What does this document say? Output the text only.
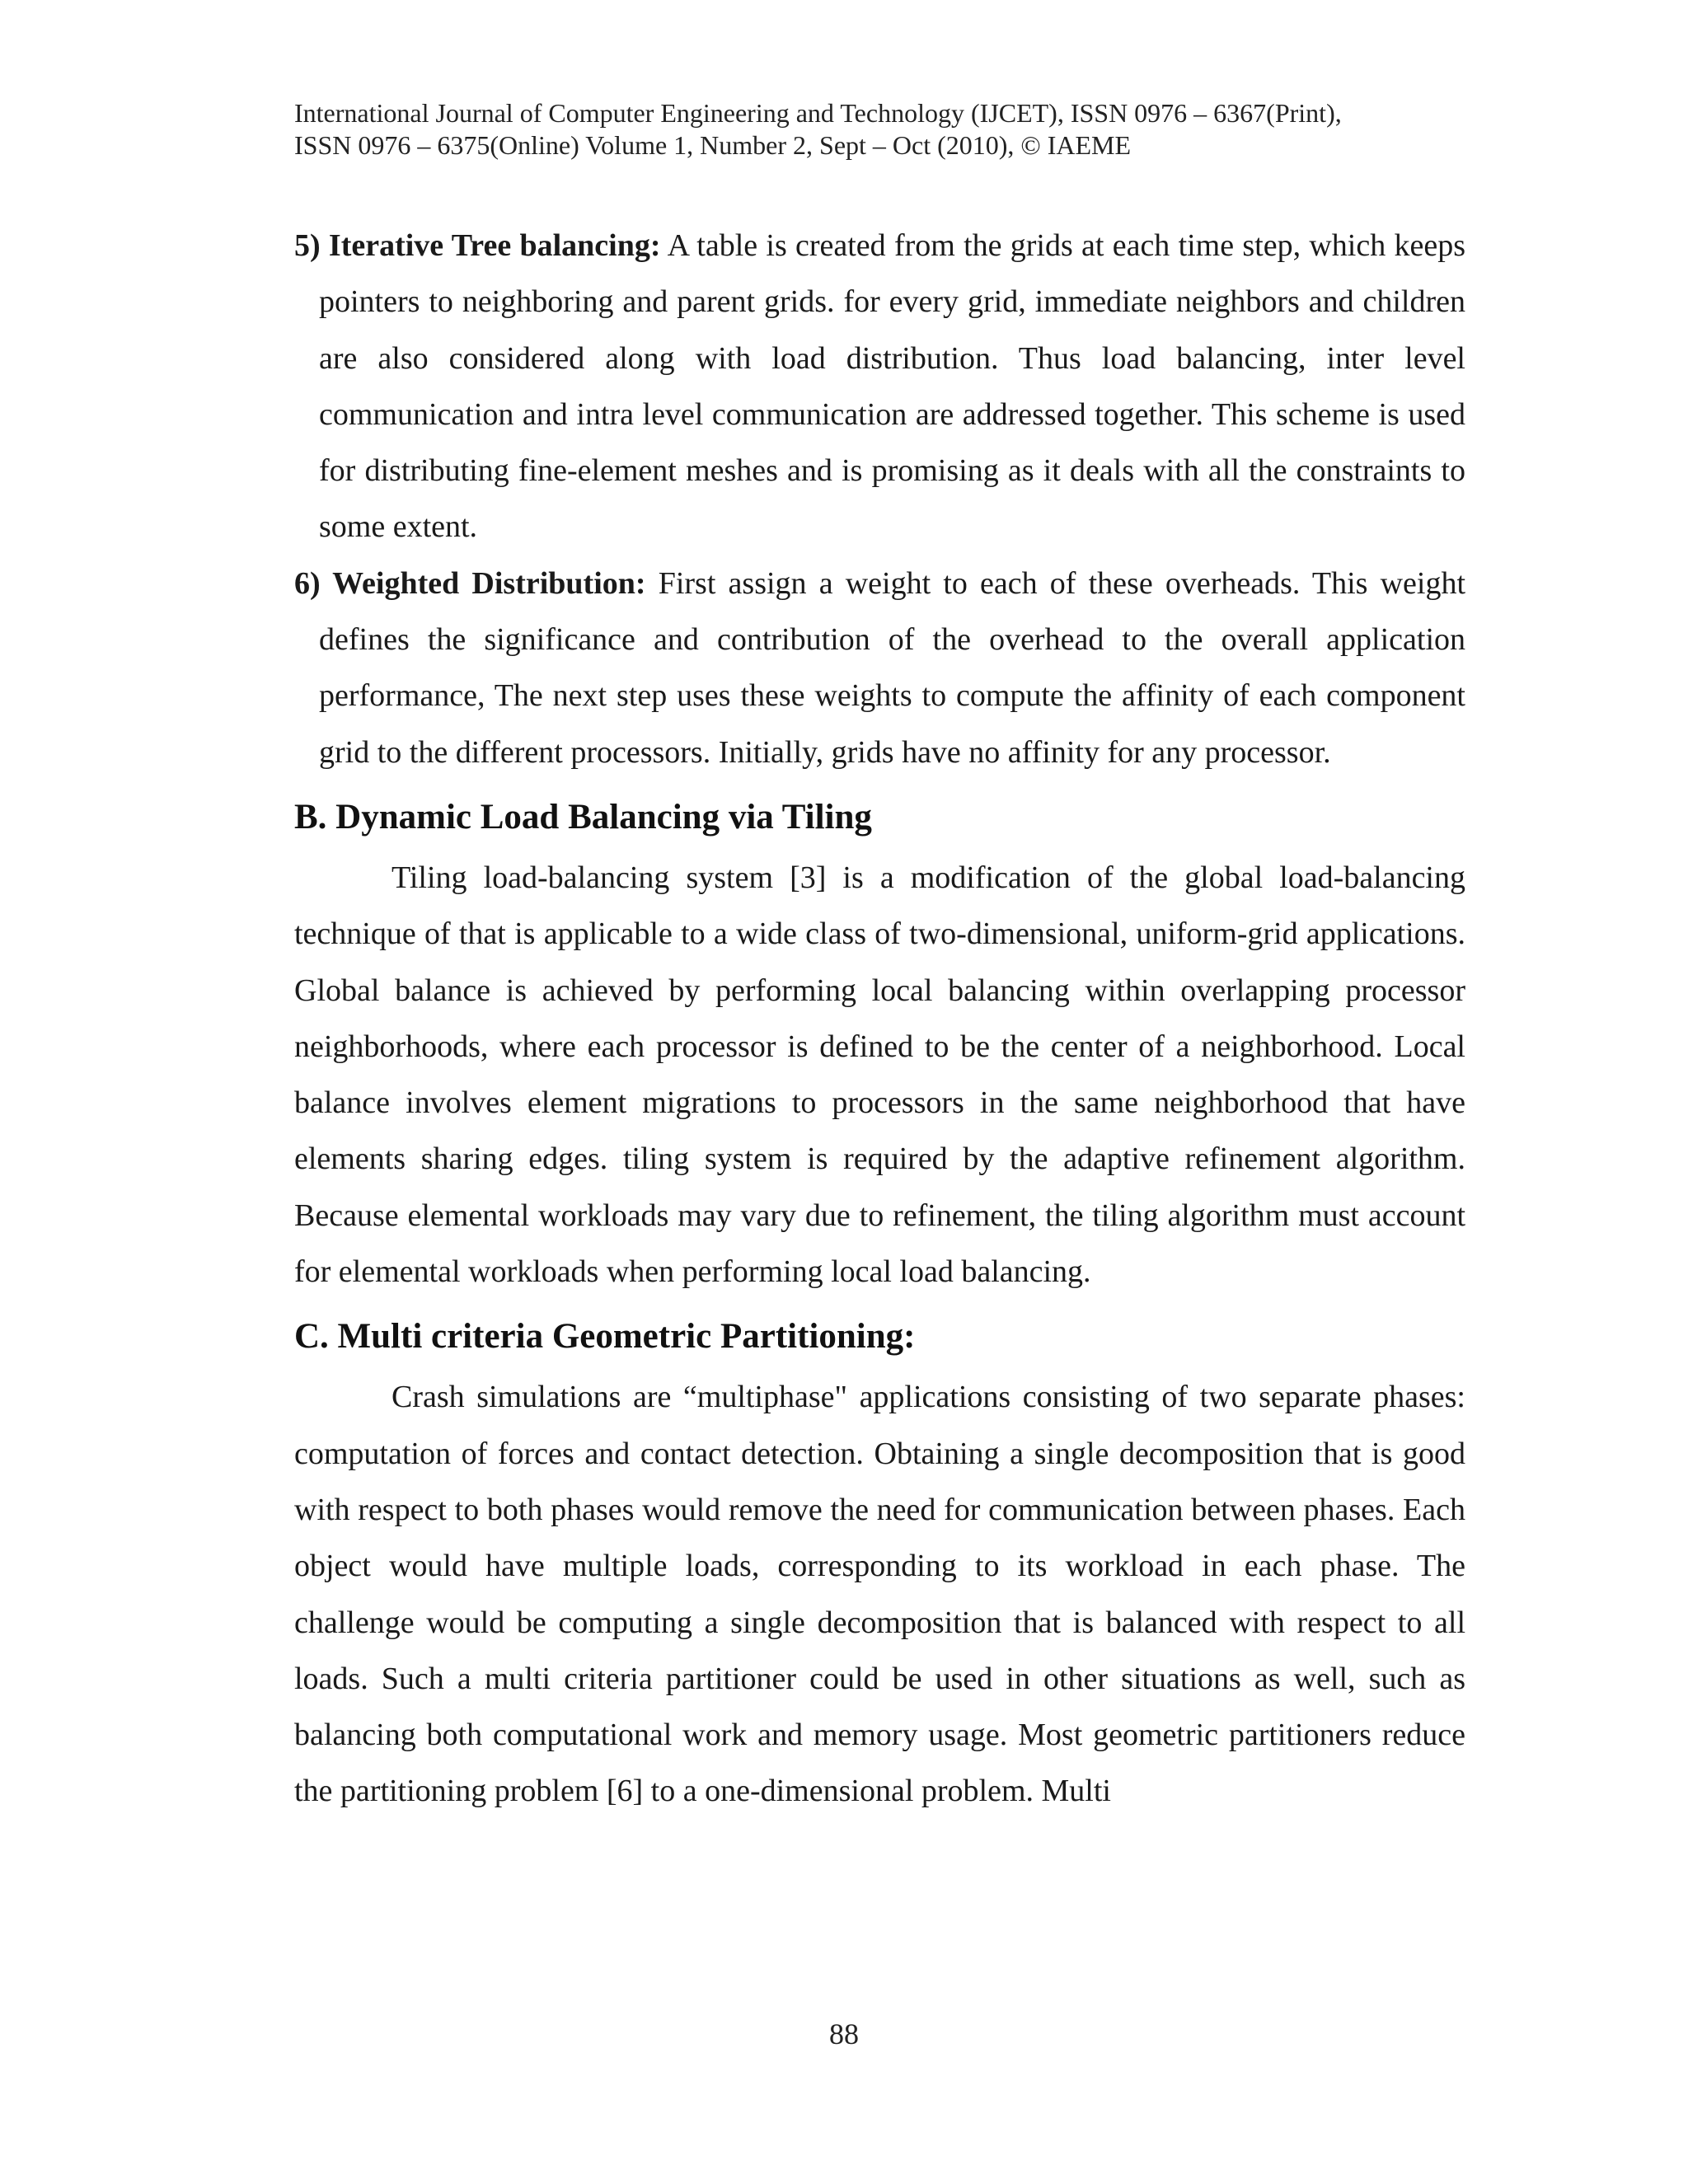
International Journal of Computer Engineering and Technology (IJCET), ISSN 0976 – 6367(Print),
ISSN 0976 – 6375(Online) Volume 1, Number 2, Sept – Oct (2010), © IAEME

5) Iterative Tree balancing: A table is created from the grids at each time step, which keeps pointers to neighboring and parent grids. for every grid, immediate neighbors and children are also considered along with load distribution. Thus load balancing, inter level communication and intra level communication are addressed together. This scheme is used for distributing fine-element meshes and is promising as it deals with all the constraints to some extent.

6) Weighted Distribution: First assign a weight to each of these overheads. This weight defines the significance and contribution of the overhead to the overall application performance, The next step uses these weights to compute the affinity of each component grid to the different processors. Initially, grids have no affinity for any processor.

B. Dynamic Load Balancing via Tiling

Tiling load-balancing system [3] is a modification of the global load-balancing technique of that is applicable to a wide class of two-dimensional, uniform-grid applications. Global balance is achieved by performing local balancing within overlapping processor neighborhoods, where each processor is defined to be the center of a neighborhood. Local balance involves element migrations to processors in the same neighborhood that have elements sharing edges. tiling system is required by the adaptive refinement algorithm. Because elemental workloads may vary due to refinement, the tiling algorithm must account for elemental workloads when performing local load balancing.

C. Multi criteria Geometric Partitioning:

Crash simulations are “multiphase" applications consisting of two separate phases: computation of forces and contact detection. Obtaining a single decomposition that is good with respect to both phases would remove the need for communication between phases. Each object would have multiple loads, corresponding to its workload in each phase. The challenge would be computing a single decomposition that is balanced with respect to all loads. Such a multi criteria partitioner could be used in other situations as well, such as balancing both computational work and memory usage. Most geometric partitioners reduce the partitioning problem [6] to a one-dimensional problem. Multi

88
